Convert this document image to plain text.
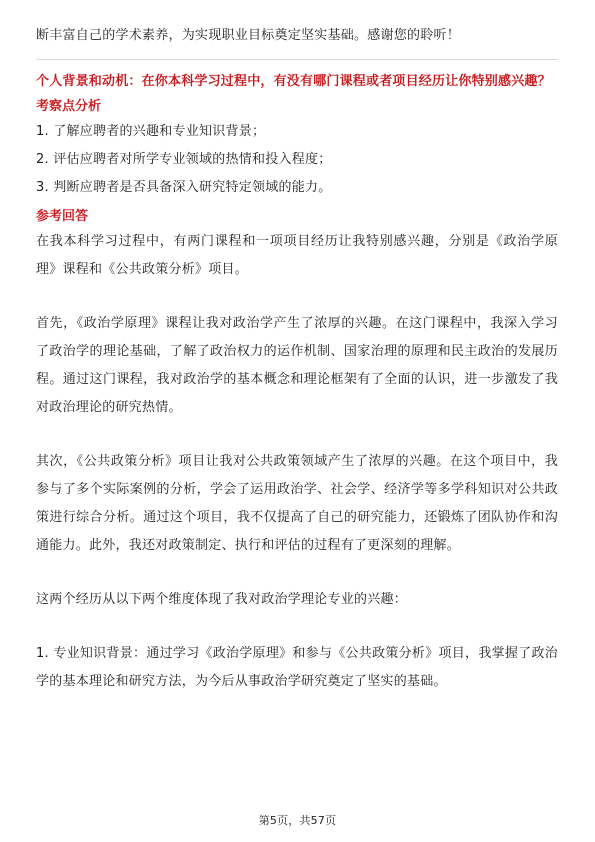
断丰富自己的学术素养，为实现职业目标奠定坚实基础。感谢您的聆听！

个人背景和动机：在你本科学习过程中，有没有哪门课程或者项目经历让你特别感兴趣？

考察点分析

1. 了解应聘者的兴趣和专业知识背景；

2. 评估应聘者对所学专业领域的热情和投入程度；

3. 判断应聘者是否具备深入研究特定领域的能力。

参考回答

在我本科学习过程中，有两门课程和一项项目经历让我特别感兴趣，分别是《政治学原理》课程和《公共政策分析》项目。

首先，《政治学原理》课程让我对政治学产生了浓厚的兴趣。在这门课程中，我深入学习了政治学的理论基础，了解了政治权力的运作机制、国家治理的原理和民主政治的发展历程。通过这门课程，我对政治学的基本概念和理论框架有了全面的认识，进一步激发了我对政治理论的研究热情。

其次，《公共政策分析》项目让我对公共政策领域产生了浓厚的兴趣。在这个项目中，我参与了多个实际案例的分析，学会了运用政治学、社会学、经济学等多学科知识对公共政策进行综合分析。通过这个项目，我不仅提高了自己的研究能力，还锻炼了团队协作和沟通能力。此外，我还对政策制定、执行和评估的过程有了更深刻的理解。

这两个经历从以下两个维度体现了我对政治学理论专业的兴趣：

1. 专业知识背景：通过学习《政治学原理》和参与《公共政策分析》项目，我掌握了政治学的基本理论和研究方法，为今后从事政治学研究奠定了坚实的基础。

第5页，共57页
